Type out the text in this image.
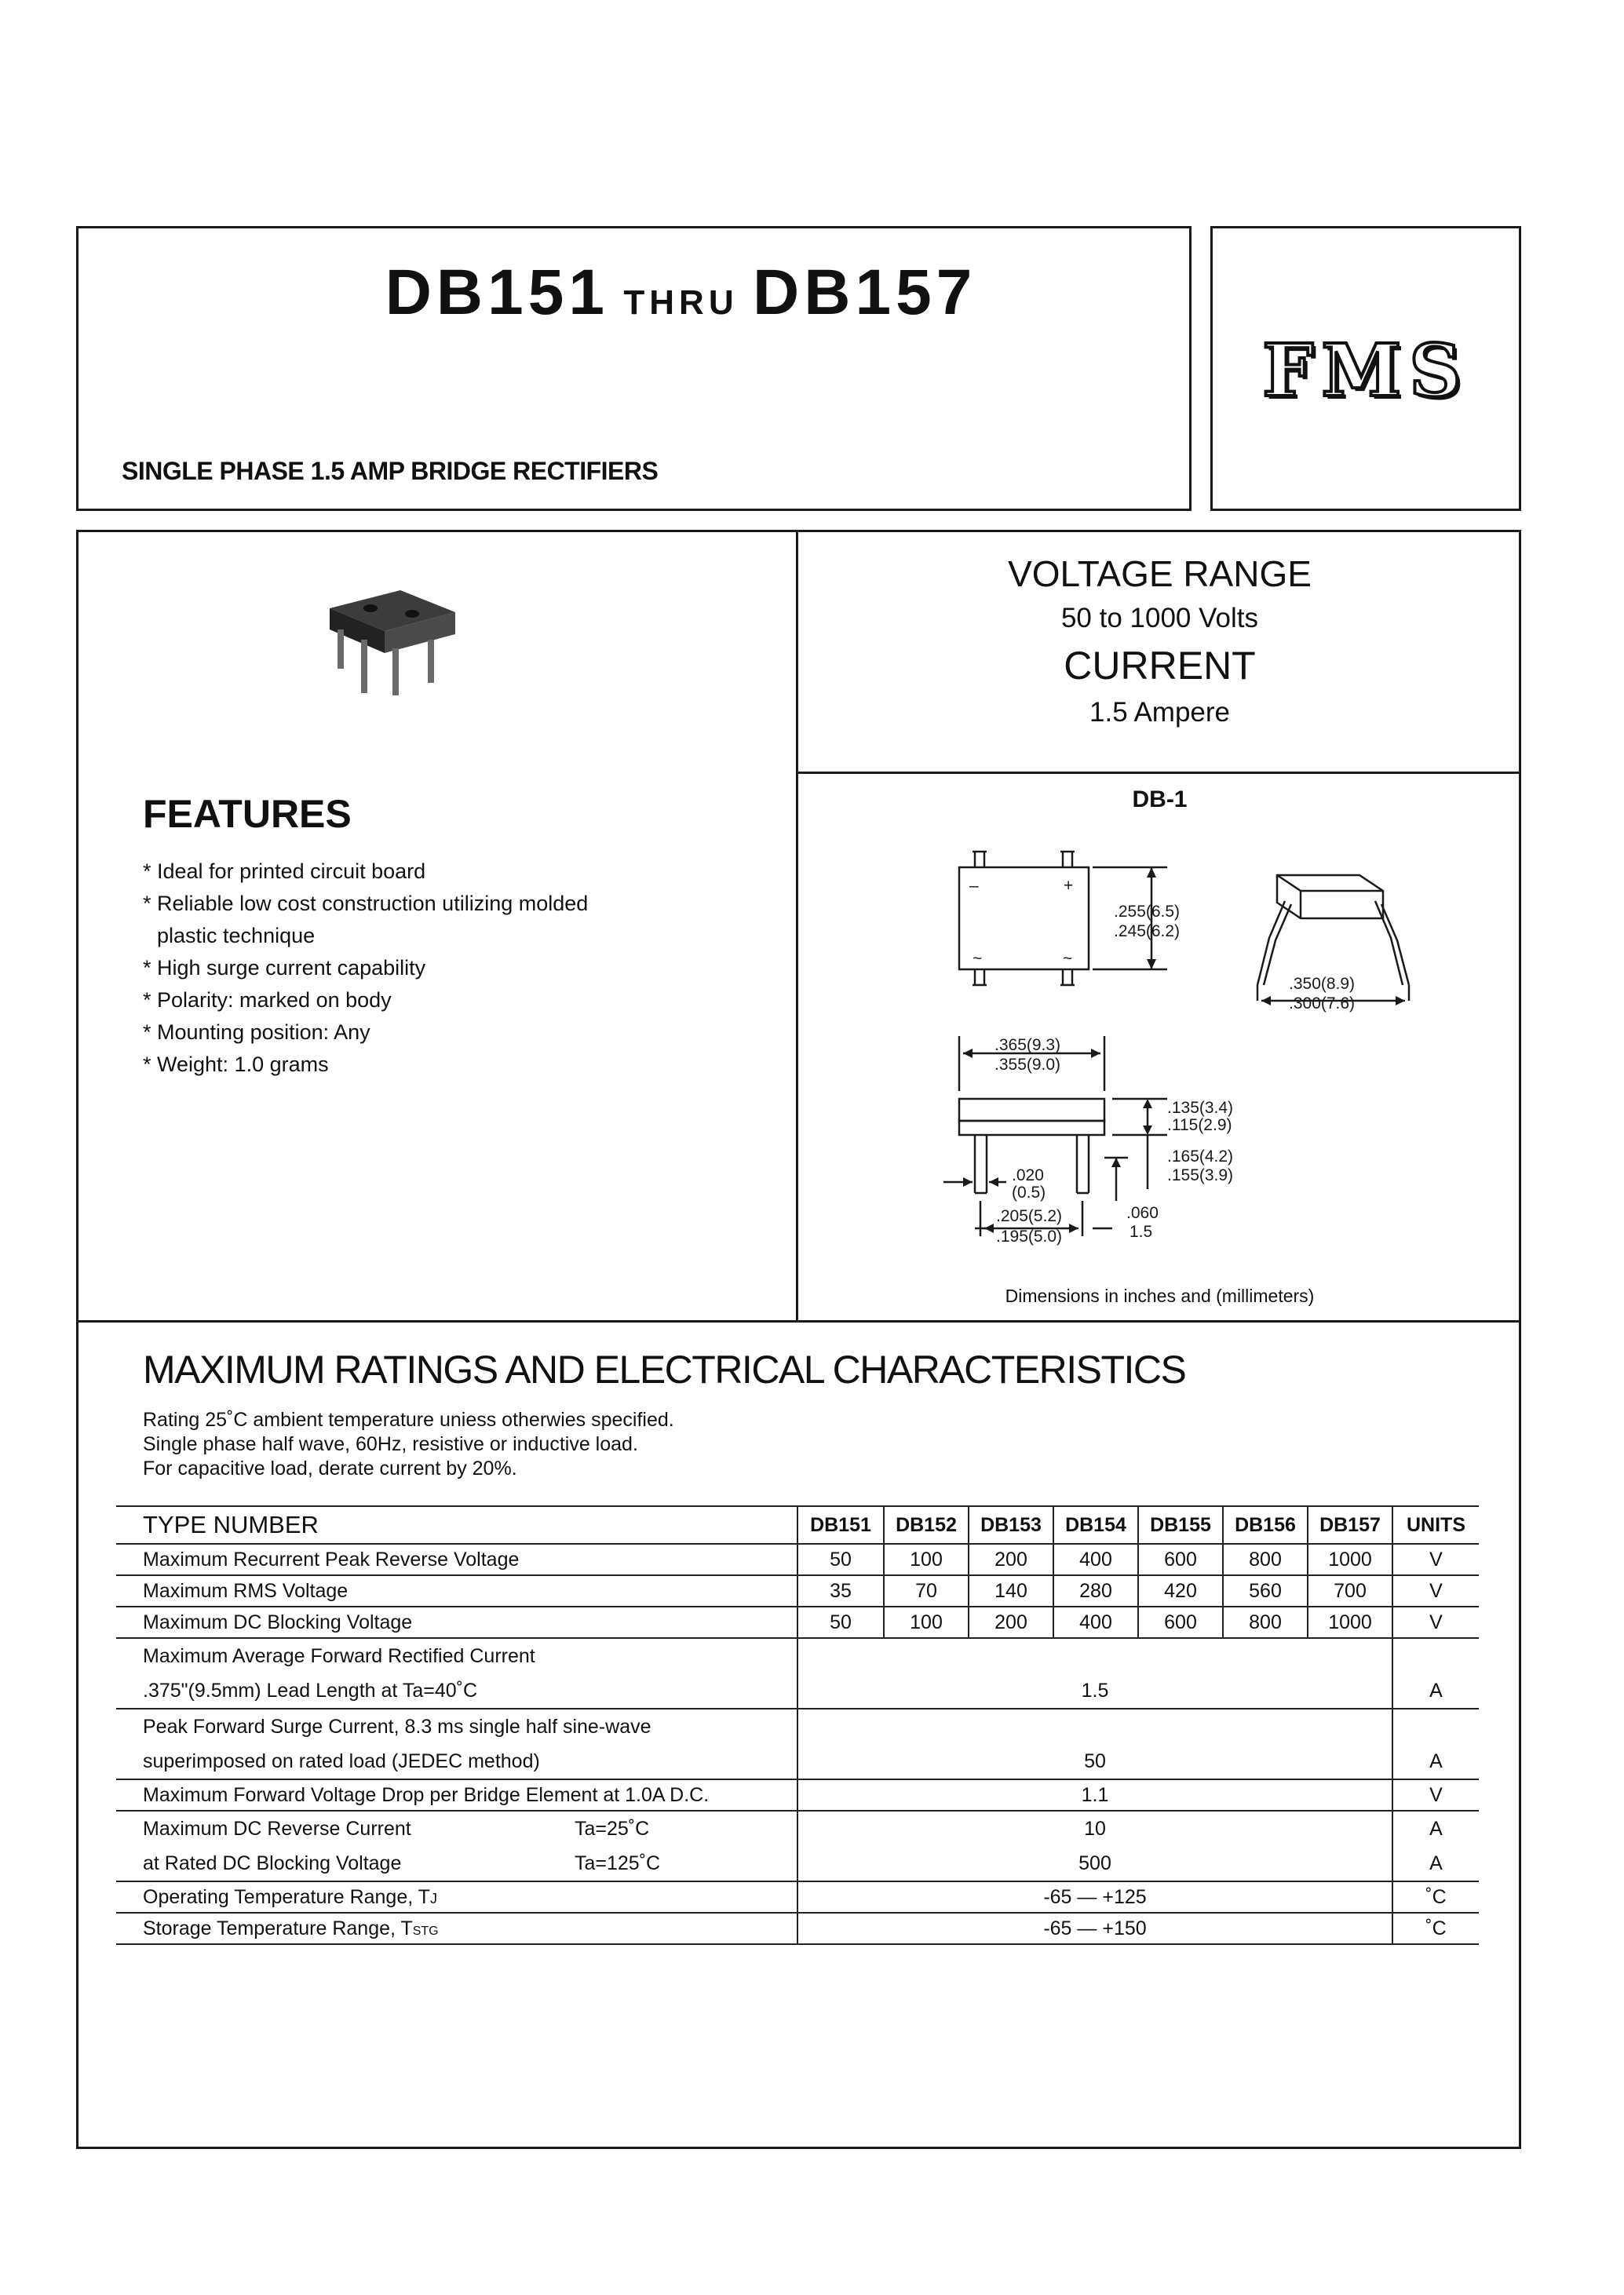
DB151 THRU DB157
SINGLE PHASE 1.5 AMP BRIDGE RECTIFIERS
FMS
FEATURES
* Ideal for printed circuit board
* Reliable low cost construction utilizing molded
plastic technique
* High surge current capability
* Polarity: marked on body
* Mounting position: Any
* Weight: 1.0 grams
VOLTAGE RANGE
50 to 1000 Volts
CURRENT
1.5 Ampere
DB-1
–	+
~	~
.255(6.5)
.245(6.2)
.350(8.9)
.300(7.6)
.365(9.3)
.355(9.0)
.135(3.4)
.115(2.9)
.165(4.2)
.155(3.9)
.020
(0.5)
.205(5.2)
.195(5.0)
.060
1.5
Dimensions in inches and (millimeters)
MAXIMUM RATINGS AND ELECTRICAL CHARACTERISTICS
Rating 25˚C ambient temperature uniess otherwies specified.
Single phase half wave, 60Hz, resistive or inductive load.
For capacitive load, derate current by 20%.
TYPE NUMBER	DB151	DB152	DB153	DB154	DB155	DB156	DB157	UNITS
Maximum Recurrent Peak Reverse Voltage	50	100	200	400	600	800	1000	V
Maximum RMS Voltage	35	70	140	280	420	560	700	V
Maximum DC Blocking Voltage	50	100	200	400	600	800	1000	V
Maximum Average Forward Rectified Current								
.375"(9.5mm) Lead Length at Ta=40˚C	1.5							A
Peak Forward Surge Current, 8.3 ms single half sine-wave								
superimposed on rated load (JEDEC method)	50							A
Maximum Forward Voltage Drop per Bridge Element at 1.0A D.C.	1.1							V
Maximum DC Reverse Current Ta=25˚C	10							A
at Rated DC Blocking Voltage Ta=125˚C	500							A
Operating Temperature Range, TJ	-65 — +125							˚C
Storage Temperature Range, TSTG	-65 — +150							˚C
